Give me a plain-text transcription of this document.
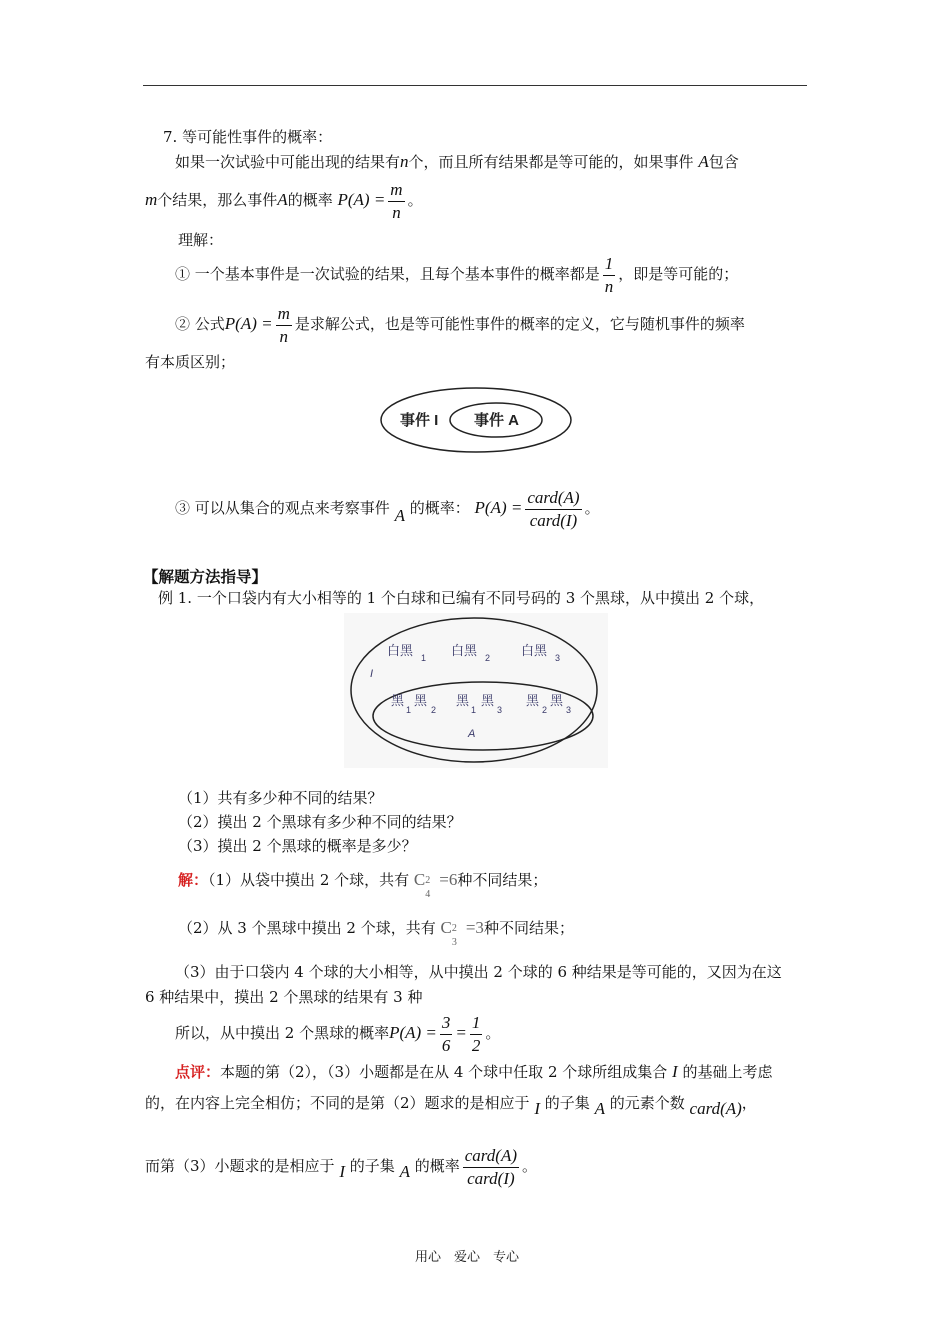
7. 等可能性事件的概率：
如果一次试验中可能出现的结果有n个，而且所有结果都是等可能的，如果事件 A包含
m个结果，那么事件A的概率 $P(A) = \frac{m}{n}$ 。
理解：
① 一个基本事件是一次试验的结果，且每个基本事件的概率都是 $\frac{1}{n}$ ，即是等可能的；
② 公式$P(A) = \frac{m}{n}$ 是求解公式，也是等可能性事件的概率的定义，它与随机事件的频率
有本质区别；
事件 I 事件 A
③ 可以从集合的观点来考察事件 A 的概率： $P(A) = \frac{\text{card(A)}}{\text{card(I)}}$ 。
【解题方法指导】
例 1. 一个口袋内有大小相等的 1 个白球和已编有不同号码的 3 个黑球，从中摸出 2 个球，
白黑 1 白黑 2 白黑 3
I
黑
1
黑
2
黑
1
黑
3
黑
2
黑
3
A
（1）共有多少种不同的结果？
（2）摸出 2 个黑球有多少种不同的结果？
（3）摸出 2 个黑球的概率是多少？
解：（1）从袋中摸出 2 个球，共有 C 2
4
=6种不同结果；
（2）从 3 个黑球中摸出 2 个球，共有 C 2
3
=3种不同结果；
（3）由于口袋内 4 个球的大小相等，从中摸出 2 个球的 6 种结果是等可能的，又因为在这
6 种结果中，摸出 2 个黑球的结果有 3 种
所以，从中摸出 2 个黑球的概率$P(A) = \frac{3}{6} = \frac{1}{2}$ 。
点评：本题的第（2），（3）小题都是在从 4 个球中任取 2 个球所组成集合 I 的基础上考虑
的，在内容上完全相仿；不同的是第（2）题求的是相应于 I 的子集 A 的元素个数 card(A)，
而第（3）小题求的是相应于 I 的子集 A 的概率 $\frac{\text{card(A)}}{\text{card(I)}}$ 。
用心　爱心　专心
